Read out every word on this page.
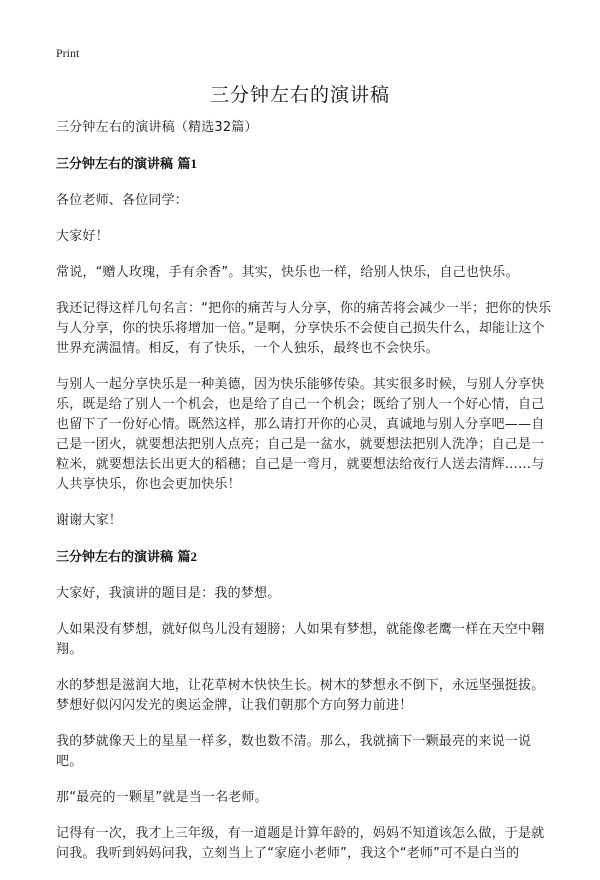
Print
三分钟左右的演讲稿

三分钟左右的演讲稿（精选32篇）

三分钟左右的演讲稿 篇1

各位老师、各位同学：

大家好！

常说，“赠人玫瑰，手有余香”。其实，快乐也一样，给别人快乐，自己也快乐。

我还记得这样几句名言：“把你的痛苦与人分享，你的痛苦将会减少一半；把你的快乐与人分享，你的快乐将增加一倍。”是啊，分享快乐不会使自己损失什么，却能让这个世界充满温情。相反，有了快乐，一个人独乐，最终也不会快乐。

与别人一起分享快乐是一种美德，因为快乐能够传染。其实很多时候，与别人分享快乐，既是给了别人一个机会，也是给了自己一个机会；既给了别人一个好心情，自己也留下了一份好心情。既然这样，那么请打开你的心灵，真诚地与别人分享吧——自己是一团火，就要想法把别人点亮；自己是一盆水，就要想法把别人洗净；自己是一粒米，就要想法长出更大的稻穗；自己是一弯月，就要想法给夜行人送去清辉……与人共享快乐，你也会更加快乐！

谢谢大家！

三分钟左右的演讲稿 篇2

大家好，我演讲的题目是：我的梦想。

人如果没有梦想，就好似鸟儿没有翅膀；人如果有梦想，就能像老鹰一样在天空中翱翔。

水的梦想是滋润大地，让花草树木快快生长。树木的梦想永不倒下，永远坚强挺拔。梦想好似闪闪发光的奥运金牌，让我们朝那个方向努力前进！

我的梦就像天上的星星一样多，数也数不清。那么，我就摘下一颗最亮的来说一说吧。

那“最亮的一颗星”就是当一名老师。

记得有一次，我才上三年级，有一道题是计算年龄的，妈妈不知道该怎么做，于是就问我。我听到妈妈问我，立刻当上了“家庭小老师”，我这个“老师”可不是白当的
